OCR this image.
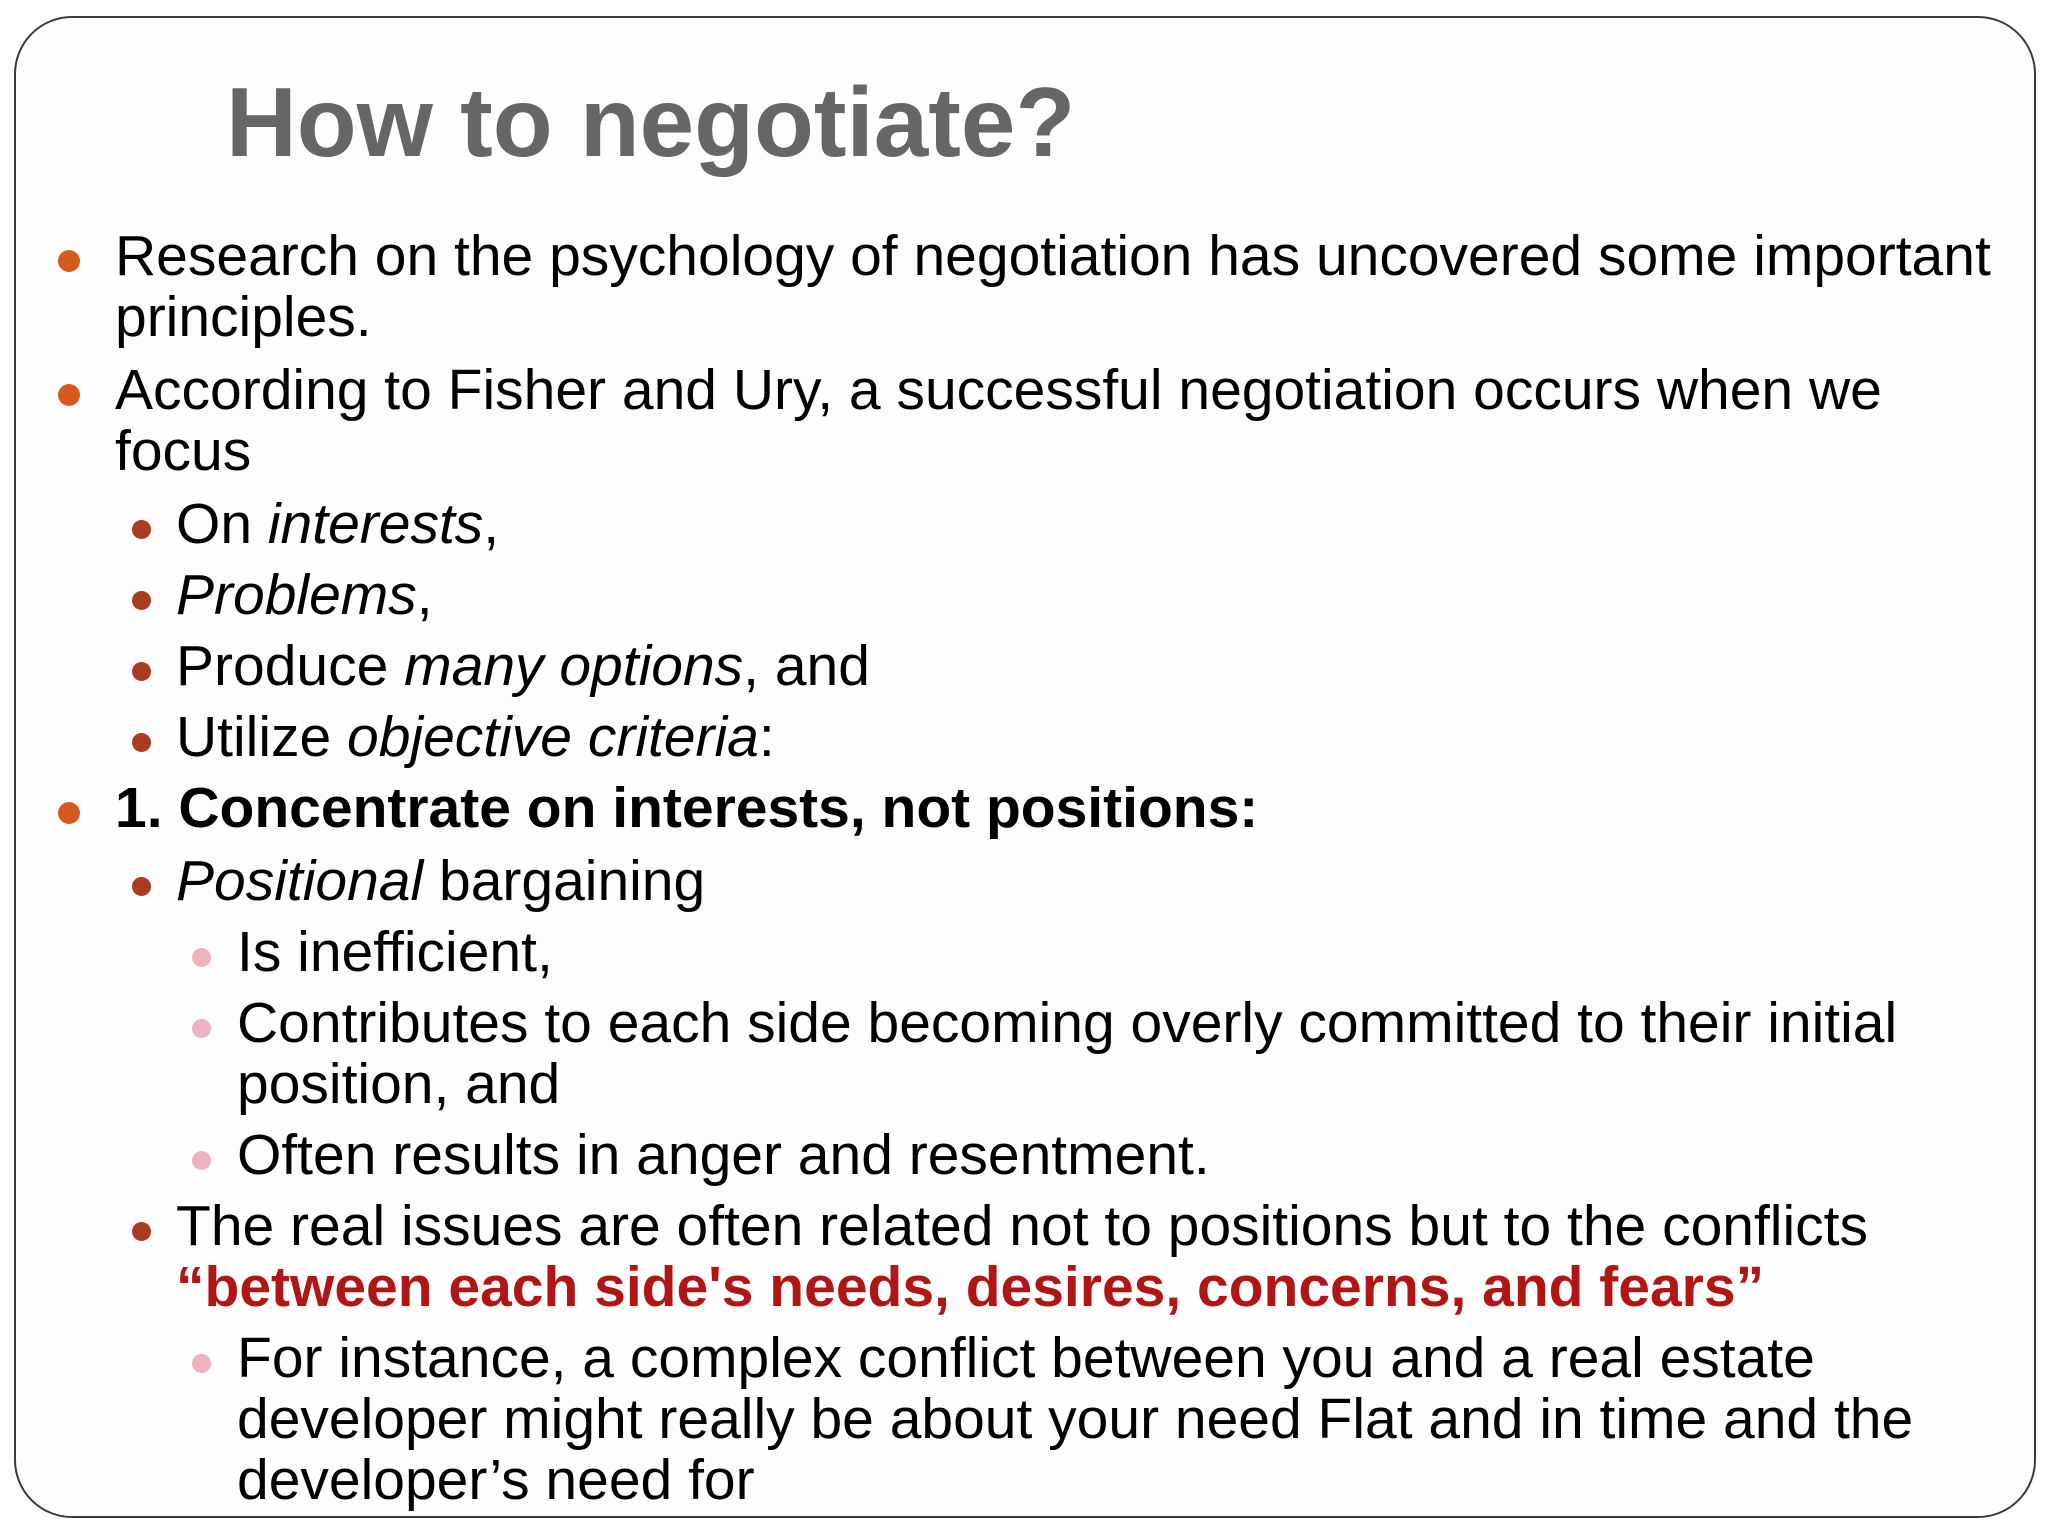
How to negotiate?
Research on the psychology of negotiation has uncovered some important principles.
According to Fisher and Ury, a successful negotiation occurs when we focus
On interests,
Problems,
Produce many options, and
Utilize objective criteria:
1. Concentrate on interests, not positions:
Positional bargaining
Is inefficient,
Contributes to each side becoming overly committed to their initial position, and
Often results in anger and resentment.
The real issues are often related not to positions but to the conflicts “between each side's needs, desires, concerns, and fears”
For instance, a complex conflict between you and a real estate developer might really be about your need Flat and in time and the developer’s need for
